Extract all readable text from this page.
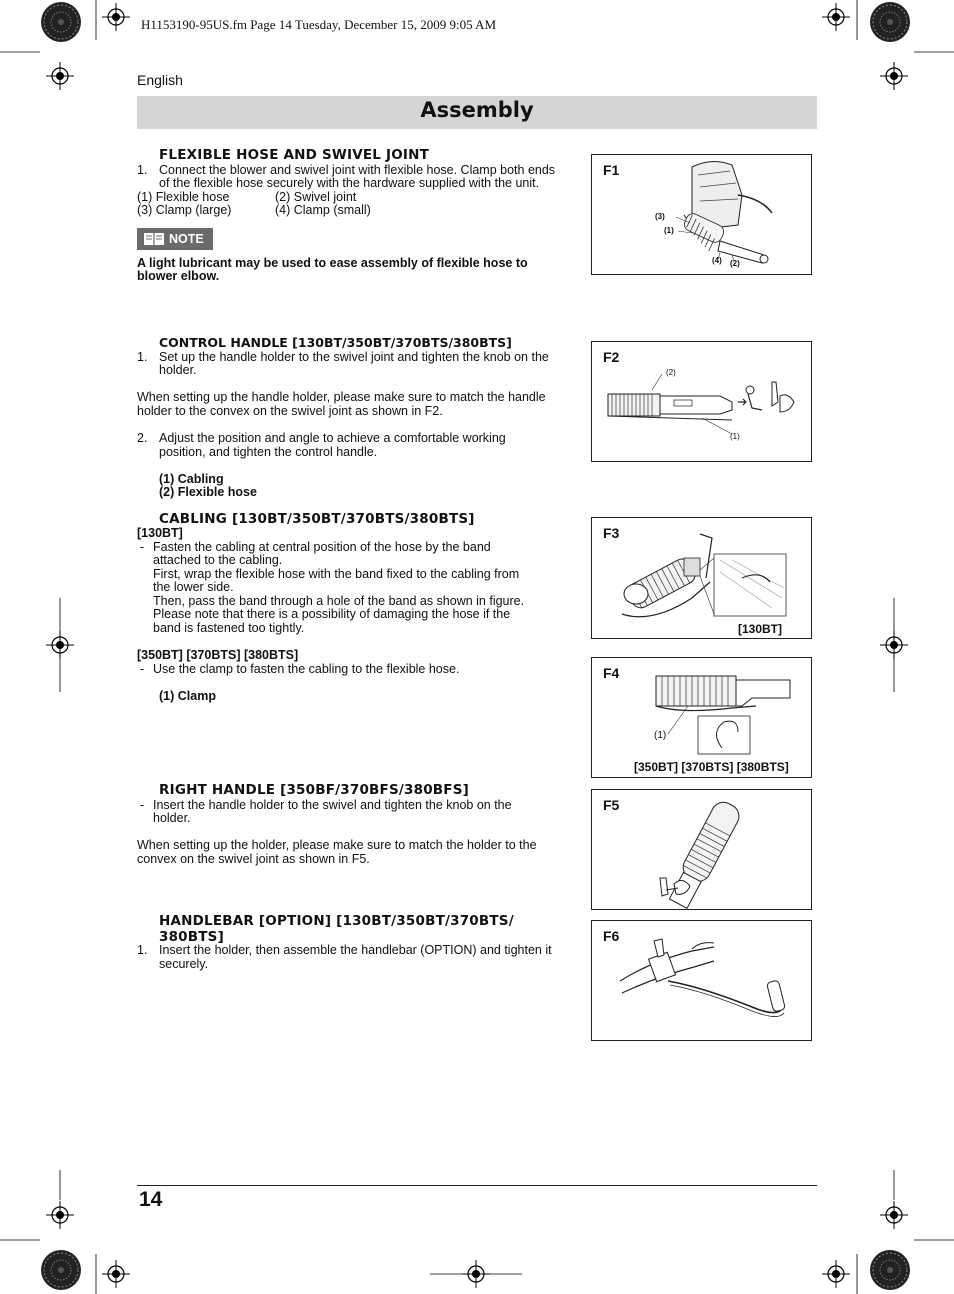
H1153190-95US.fm Page 14 Tuesday, December 15, 2009 9:05 AM
English
Assembly
FLEXIBLE HOSE AND SWIVEL JOINT
1. Connect the blower and swivel joint with flexible hose. Clamp both ends
of the flexible hose securely with the hardware supplied with the unit.
(1) Flexible hose	(2) Swivel joint
(3) Clamp (large)	(4) Clamp (small)
NOTE
A light lubricant may be used to ease assembly of flexible hose to
blower elbow.
CONTROL HANDLE [130BT/350BT/370BTS/380BTS]
1. Set up the handle holder to the swivel joint and tighten the knob on the
holder.
When setting up the handle holder, please make sure to match the handle
holder to the convex on the swivel joint as shown in F2.
2. Adjust the position and angle to achieve a comfortable working
position, and tighten the control handle.
(1) Cabling
(2) Flexible hose
CABLING [130BT/350BT/370BTS/380BTS]
[130BT]
- Fasten the cabling at central position of the hose by the band
attached to the cabling.
First, wrap the flexible hose with the band fixed to the cabling from
the lower side.
Then, pass the band through a hole of the band as shown in figure.
Please note that there is a possibility of damaging the hose if the
band is fastened too tightly.
[350BT] [370BTS] [380BTS]
- Use the clamp to fasten the cabling to the flexible hose.
(1) Clamp
RIGHT HANDLE [350BF/370BFS/380BFS]
- Insert the handle holder to the swivel and tighten the knob on the
holder.
When setting up the holder, please make sure to match the holder to the
convex on the swivel joint as shown in F5.
HANDLEBAR [OPTION] [130BT/350BT/370BTS/
380BTS]
1. Insert the holder, then assemble the handlebar (OPTION) and tighten it
securely.
F1
(3)
(1)
(4) (2)
F2
(2)
(1)
F3
[130BT]
F4
(1)
[350BT] [370BTS] [380BTS]
F5
F6
14
